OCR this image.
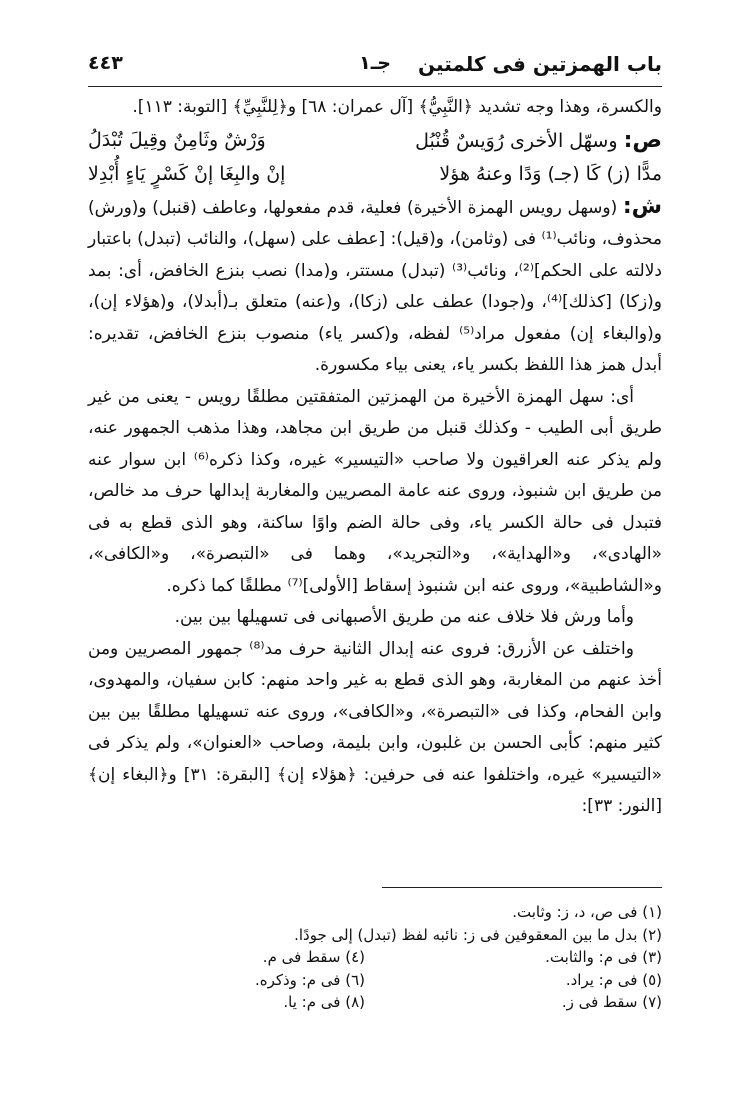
باب الهمزتين فى كلمتين
جـ١
٤٤٣

والكسرة، وهذا وجه تشديد ﴿النَّبِيُّ﴾ [آل عمران: ٦٨] و﴿لِلنَّبِيِّ﴾ [التوبة: ١١٣].

ص: وسهّل الأخرى رُوَيسٌ قُنْبُل
وَرْشٌ وثَامِنٌ وقِيلَ تُبْدَلُ
مدًّا (ز) كَا (جـ) وَدًا وعنهُ هؤلا
إنْ والبِغَا إنْ كَسْرٍ يَاءٍ أُبْدِلا

ش: (وسهل رويس الهمزة الأخيرة) فعلية، قدم مفعولها، وعاطف (قنبل) و(ورش) محذوف، ونائب⁽¹⁾ فى (وثامن)، و(قيل): [عطف على (سهل)، والنائب (تبدل) باعتبار دلالته على الحكم]⁽²⁾، ونائب⁽³⁾ (تبدل) مستتر، و(مدا) نصب بنزع الخافض، أى: بمد و(زكا) [كذلك]⁽⁴⁾، و(جودا) عطف على (زكا)، و(عنه) متعلق بـ(أبدلا)، و(هؤلاء إن)، و(والبغاء إن) مفعول مراد⁽⁵⁾ لفظه، و(كسر ياء) منصوب بنزع الخافض، تقديره: أبدل همز هذا اللفظ بكسر ياء، يعنى بياء مكسورة.

أى: سهل الهمزة الأخيرة من الهمزتين المتفقتين مطلقًا رويس - يعنى من غير طريق أبى الطيب - وكذلك قنبل من طريق ابن مجاهد، وهذا مذهب الجمهور عنه، ولم يذكر عنه العراقيون ولا صاحب «التيسير» غيره، وكذا ذكره⁽⁶⁾ ابن سوار عنه من طريق ابن شنبوذ، وروى عنه عامة المصريين والمغاربة إبدالها حرف مد خالص، فتبدل فى حالة الكسر ياء، وفى حالة الضم واوًا ساكنة، وهو الذى قطع به فى «الهادى»، و«الهداية»، و«التجريد»، وهما فى «التبصرة»، و«الكافى»، و«الشاطبية»، وروى عنه ابن شنبوذ إسقاط [الأولى]⁽⁷⁾ مطلقًا كما ذكره.

وأما ورش فلا خلاف عنه من طريق الأصبهانى فى تسهيلها بين بين.

واختلف عن الأزرق: فروى عنه إبدال الثانية حرف مد⁽⁸⁾ جمهور المصريين ومن أخذ عنهم من المغاربة، وهو الذى قطع به غير واحد منهم: كابن سفيان، والمهدوى، وابن الفحام، وكذا فى «التبصرة»، و«الكافى»، وروى عنه تسهيلها مطلقًا بين بين كثير منهم: كأبى الحسن بن غلبون، وابن بليمة، وصاحب «العنوان»، ولم يذكر فى «التيسير» غيره، واختلفوا عنه فى حرفين: ﴿هؤلاء إن﴾ [البقرة: ٣١] و﴿البغاء إن﴾ [النور: ٣٣]:

(١) فى ص، د، ز: وثابت.
(٢) بدل ما بين المعقوفين فى ز: نائبه لفظ (تبدل) إلى جودًا.
(٣) فى م: والثابت.
(٤) سقط فى م.
(٥) فى م: يراد.
(٦) فى م: وذكره.
(٧) سقط فى ز.
(٨) فى م: يا.
